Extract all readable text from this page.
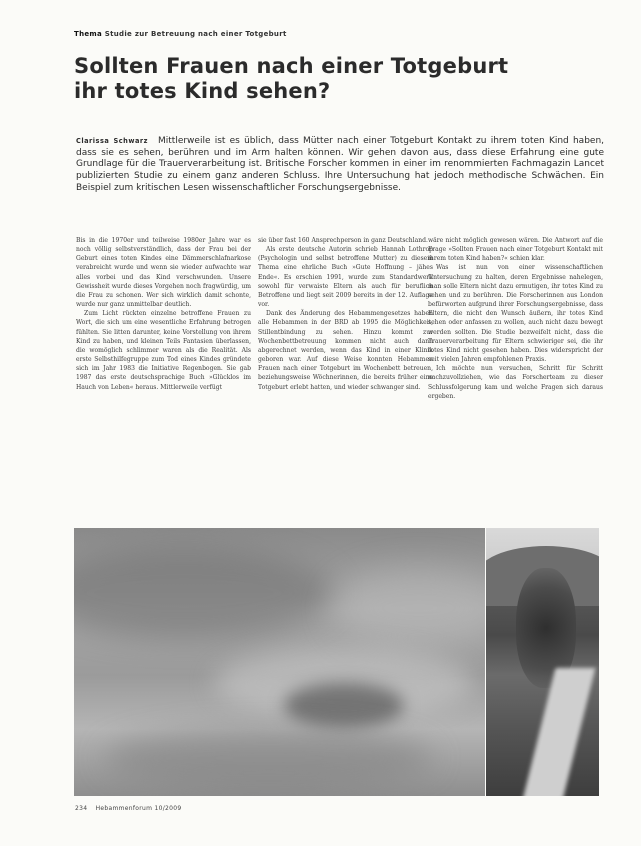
Thema Studie zur Betreuung nach einer Totgeburt
Sollten Frauen nach einer Totgeburt
ihr totes Kind sehen?

Clarissa Schwarz Mittlerweile ist es üblich, dass Mütter nach einer Totgeburt Kontakt zu ihrem toten Kind haben, dass sie es sehen, berühren und im Arm halten können. Wir gehen davon aus, dass diese Erfahrung eine gute Grundlage für die Trauerverarbeitung ist. Britische Forscher kommen in einer im renommierten Fachmagazin Lancet publizierten Studie zu einem ganz anderen Schluss. Ihre Untersuchung hat jedoch methodische Schwächen. Ein Beispiel zum kritischen Lesen wissenschaftlicher Forschungsergebnisse.

Bis in die 1970er und teilweise 1980er Jahre war es noch völlig selbstverständlich, dass der Frau bei der Geburt eines toten Kindes eine Dämmerschlafnarkose verabreicht wurde und wenn sie wieder aufwachte war alles vorbei und das Kind verschwunden. Unsere Gewissheit wurde dieses Vorgehen noch fragwürdig, um die Frau zu schonen. Wer sich wirklich damit schonte, wurde nur ganz unmittelbar deutlich.

Zum Licht rückten einzelne betroffene Frauen zu Wort, die sich um eine wesentliche Erfahrung betrogen fühlten. Sie litten darunter, keine Vorstellung von ihrem Kind zu haben, und kleinen Teils Fantasien überlassen, die womöglich schlimmer waren als die Realität. Als erste Selbsthilfegruppe zum Tod eines Kindes gründete sich im Jahr 1983 die Initiative Regenbogen. Sie gab 1987 das erste deutschsprachige Buch »Glücklos im Hauch von Leben« heraus. Mittlerweile verfügt

sie über fast 160 Ansprechperson in ganz Deutschland.

Als erste deutsche Autorin schrieb Hannah Lothrop (Psychologin und selbst betroffene Mutter) zu diesem Thema eine ehrliche Buch »Gute Hoffnung – jähes Ende«. Es erschien 1991, wurde zum Standardwerk sowohl für verwaiste Eltern als auch für beruflich Betroffene und liegt seit 2009 bereits in der 12. Auflage vor.

Dank des Änderung des Hebammengesetzes haben alle Hebammen in der BRD ab 1995 die Möglichkeit, Stillentbindung zu sehen. Hinzu kommt zur Wochenbettbetreuung kommen nicht auch dann abgerechnet werden, wenn das Kind in einer Klinik geboren war. Auf diese Weise konnten Hebammen Frauen nach einer Totgeburt im Wochenbett betreuen, beziehungsweise Wöchnerinnen, die bereits früher eine Totgeburt erlebt hatten, und wieder schwanger sind.

wäre nicht möglich gewesen wären. Die Antwort auf die Frage »Sollten Frauen nach einer Totgeburt Kontakt mit ihrem toten Kind haben?« schien klar.

Was ist nun von einer wissenschaftlichen Untersuchung zu halten, deren Ergebnisse nahelegen, man solle Eltern nicht dazu ermutigen, ihr totes Kind zu sehen und zu berühren. Die Forscherinnen aus London befürworten aufgrund ihrer Forschungsergebnisse, dass Eltern, die nicht den Wunsch äußern, ihr totes Kind sehen oder anfassen zu wollen, auch nicht dazu bewegt werden sollten. Die Studie bezweifelt nicht, dass die Trauerverarbeitung für Eltern schwieriger sei, die ihr totes Kind nicht gesehen haben. Dies widerspricht der seit vielen Jahren empfohlenen Praxis.

Ich möchte nun versuchen, Schritt für Schritt nachzuvollziehen, wie das Forscherteam zu dieser Schlussfolgerung kam und welche Fragen sich daraus ergeben.

234 Hebammenforum 10/2009
